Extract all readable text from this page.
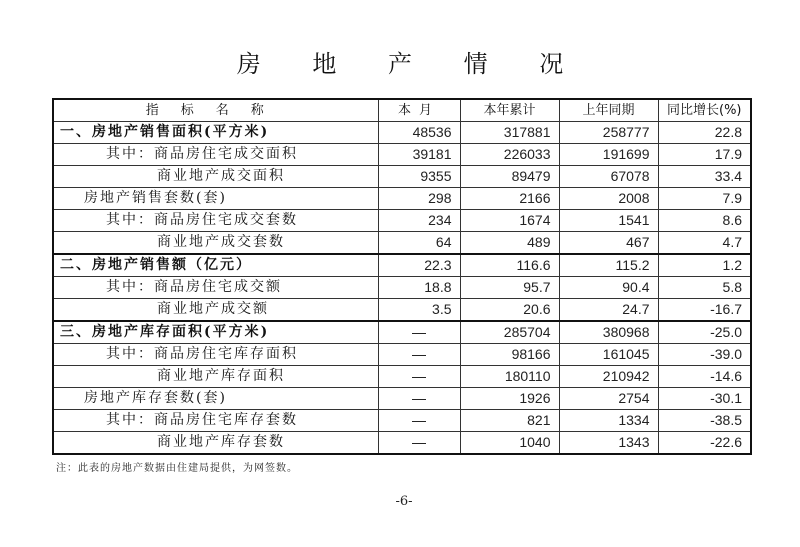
房 地 产 情 况
指标名称	本月	本年累计	上年同期	同比增长(%)
一、房地产销售面积(平方米)	48536	317881	258777	22.8
其中：商品房住宅成交面积	39181	226033	191699	17.9
商业地产成交面积	9355	89479	67078	33.4
房地产销售套数(套)	298	2166	2008	7.9
其中：商品房住宅成交套数	234	1674	1541	8.6
商业地产成交套数	64	489	467	4.7
二、房地产销售额（亿元）	22.3	116.6	115.2	1.2
其中：商品房住宅成交额	18.8	95.7	90.4	5.8
商业地产成交额	3.5	20.6	24.7	-16.7
三、房地产库存面积(平方米)	—	285704	380968	-25.0
其中：商品房住宅库存面积	—	98166	161045	-39.0
商业地产库存面积	—	180110	210942	-14.6
房地产库存套数(套)	—	1926	2754	-30.1
其中：商品房住宅库存套数	—	821	1334	-38.5
商业地产库存套数	—	1040	1343	-22.6
注：此表的房地产数据由住建局提供，为网签数。
-6-
